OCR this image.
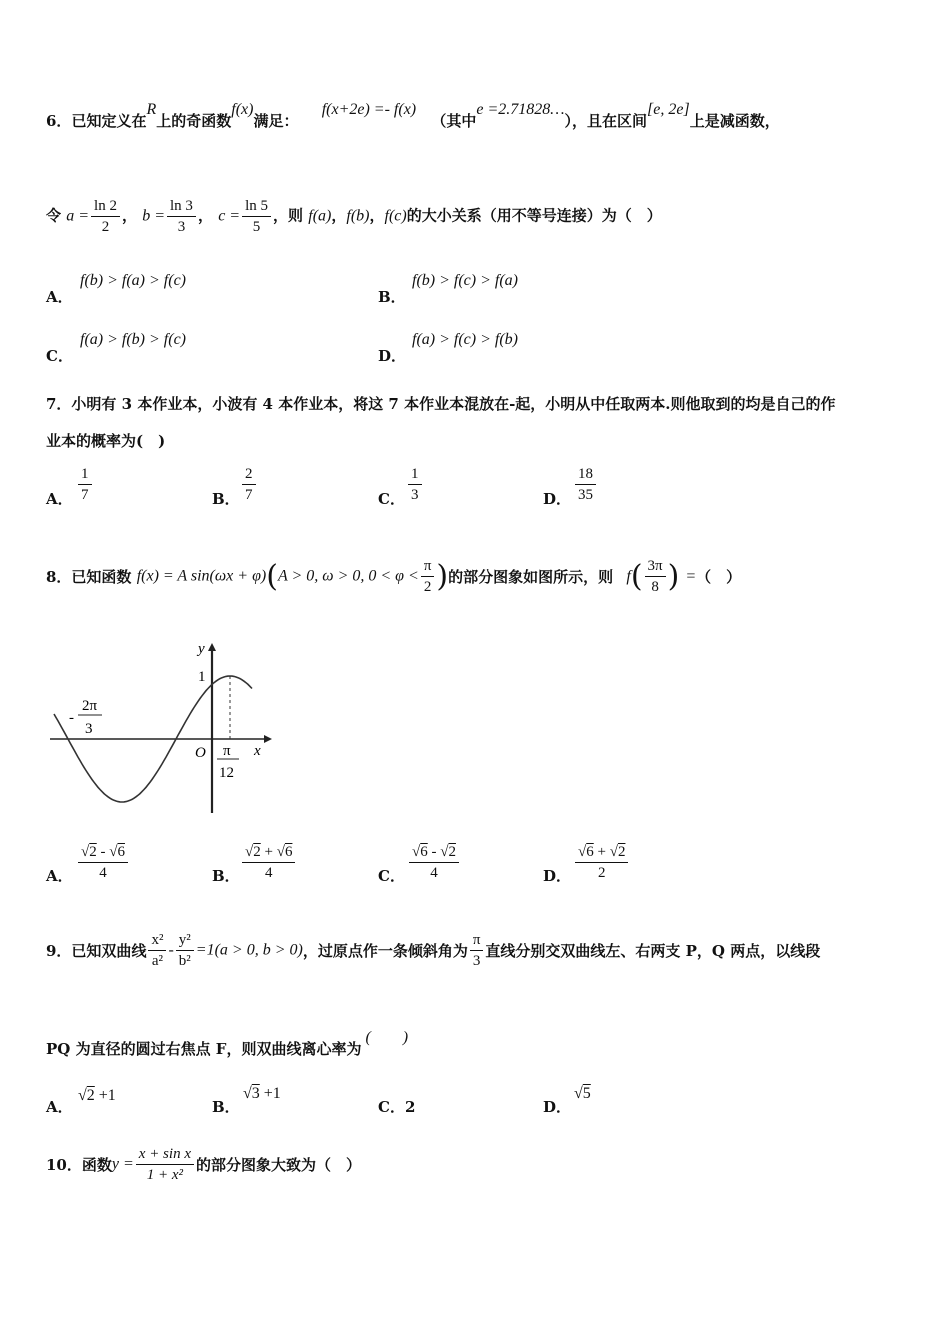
6．已知定义在R上的奇函数f(x)满足： f(x+2e) =- f(x) （其中e =2.71828…），且在区间[e, 2e]上是减函数，
令 $a = \frac{\ln 2}{2}$ ， $b = \frac{\ln 3}{3}$ ， $c = \frac{\ln 5}{5}$ ，则 f(a)，f(b)，f(c)的大小关系（用不等号连接）为（　）
A．
f(b) > f(a) > f(c)
B．
f(b) > f(c) > f(a)
C．
f(a) > f(b) > f(c)
D．
f(a) > f(c) > f(b)
7．小明有 3 本作业本，小波有 4 本作业本，将这 7 本作业本混放在-起，小明从中任取两本.则他取到的均是自己的作
业本的概率为(　)
A． $\frac{1}{7}$	B． $\frac{2}{7}$	C． $\frac{1}{3}$	D． $\frac{18}{35}$
8．已知函数 f(x) = A sin(ωx + φ)(A > 0, ω > 0, $0 < \varphi < \frac{\pi}{2}$ )的部分图象如图所示，则 $f( \frac{3\pi}{8}$ ) =（　）
y
x
O
1
-
2π
3
π
12
A． $\frac{√2 - √6}{4}$	B． $\frac{√2 + √6}{4}$	C． $\frac{√6 - √2}{4}$	D． $\frac{√6 + √2}{2}$
9．已知双曲线 $\frac{\text{x²}}{\text{a²}} - \frac{\text{y²}}{\text{b²}} =1(a > 0$, b > 0)，过原点作一条倾斜角为 $\frac{\pi}{3}$ 直线分别交双曲线左、右两支 P，Q 两点，以线段
PQ 为直径的圆过右焦点 F，则双曲线离心率为(　　)
A．
√2 +1
B．
√3 +1
C．2	D．
√5
10．函数$y = \frac{\text{x + sin x}}{\text{1 + x²}}$ 的部分图象大致为（　）
